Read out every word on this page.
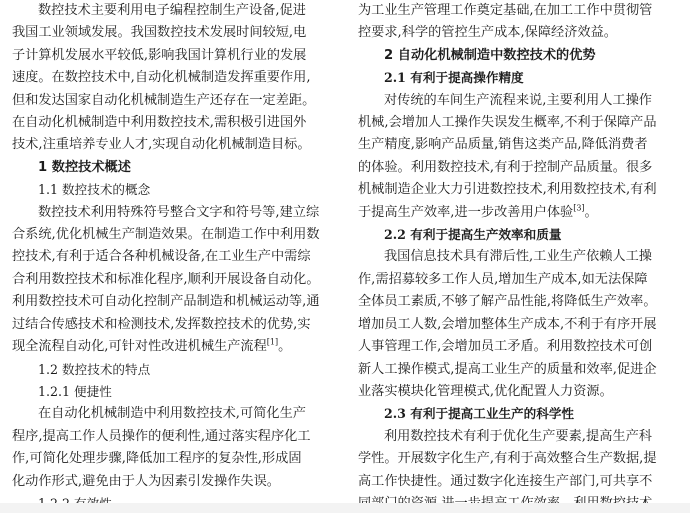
数控技术主要利用电子编程控制生产设备,促进
我国工业领域发展。我国数控技术发展时间较短,电
子计算机发展水平较低,影响我国计算机行业的发展
速度。在数控技术中,自动化机械制造发挥重要作用,
但和发达国家自动化机械制造生产还存在一定差距。
在自动化机械制造中利用数控技术,需积极引进国外
技术,注重培养专业人才,实现自动化机械制造目标。
1 数控技术概述
1.1 数控技术的概念
数控技术利用特殊符号整合文字和符号等,建立综
合系统,优化机械生产制造效果。在制造工作中利用数
控技术,有利于适合各种机械设备,在工业生产中需综
合利用数控技术和标准化程序,顺利开展设备自动化。
利用数控技术可自动化控制产品制造和机械运动等,通
过结合传感技术和检测技术,发挥数控技术的优势,实
现全流程自动化,可针对性改进机械生产流程[1]。
1.2 数控技术的特点
1.2.1 便捷性
在自动化机械制造中利用数控技术,可简化生产
程序,提高工作人员操作的便利性,通过落实程序化工
作,可简化处理步骤,降低加工程序的复杂性,形成固
化动作形式,避免由于人为因素引发操作失误。
为工业生产管理工作奠定基础,在加工工作中贯彻管
控要求,科学的管控生产成本,保障经济效益。
2 自动化机械制造中数控技术的优势
2.1 有利于提高操作精度
对传统的车间生产流程来说,主要利用人工操作
机械,会增加人工操作失误发生概率,不利于保障产品
生产精度,影响产品质量,销售这类产品,降低消费者
的体验。利用数控技术,有利于控制产品质量。很多
机械制造企业大力引进数控技术,利用数控技术,有利
于提高生产效率,进一步改善用户体验[3]。
2.2 有利于提高生产效率和质量
我国信息技术具有滞后性,工业生产依赖人工操
作,需招募较多工作人员,增加生产成本,如无法保障
全体员工素质,不够了解产品性能,将降低生产效率。
增加员工人数,会增加整体生产成本,不利于有序开展
人事管理工作,会增加员工矛盾。利用数控技术可创
新人工操作模式,提高工业生产的质量和效率,促进企
业落实模块化管理模式,优化配置人力资源。
2.3 有利于提高工业生产的科学性
利用数控技术有利于优化生产要素,提高生产科
学性。开展数字化生产,有利于高效整合生产数据,提
高工作快捷性。通过数字化连接生产部门,可共享不
